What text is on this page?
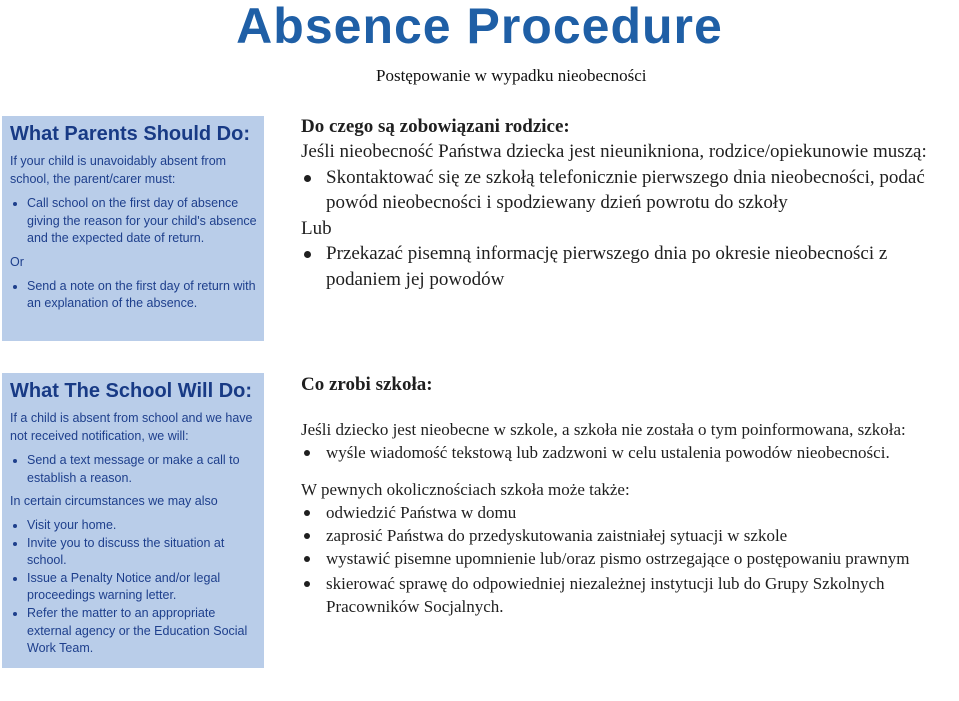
Absence Procedure
Postępowanie w wypadku nieobecności
What Parents Should Do:

If your child is unavoidably absent from school, the parent/carer must:

Call school on the first day of absence giving the reason for your child's absence and the expected date of return.

Or

Send a note on the first day of return with an explanation of the absence.
What The School Will Do:

If a child is absent from school and we have not received notification, we will:

Send a text message or make a call to establish a reason.

In certain circumstances we may also

Visit your home.
Invite you to discuss the situation at school.
Issue a Penalty Notice and/or legal proceedings warning letter.
Refer the matter to an appropriate external agency or the Education Social Work Team.

Do czego są zobowiązani rodzice:

Jeśli nieobecność Państwa dziecka jest nieunikniona, rodzice/opiekunowie muszą:

Skontaktować się ze szkołą telefonicznie pierwszego dnia nieobecności, podać powód nieobecności i spodziewany dzień powrotu do szkoły

Lub

Przekazać pisemną informację pierwszego dnia po okresie nieobecności z podaniem jej powodów

Co zrobi szkoła:

Jeśli dziecko jest nieobecne w szkole, a szkoła nie została o tym poinformowana, szkoła:

wyśle wiadomość tekstową lub zadzwoni w celu ustalenia powodów nieobecności.

W pewnych okolicznościach szkoła może także:

odwiedzić Państwa w domu
zaprosić Państwa do przedyskutowania zaistniałej sytuacji w szkole
wystawić pisemne upomnienie lub/oraz pismo ostrzegające o postępowaniu prawnym
skierować sprawę do odpowiedniej niezależnej instytucji lub do Grupy Szkolnych Pracowników Socjalnych.
